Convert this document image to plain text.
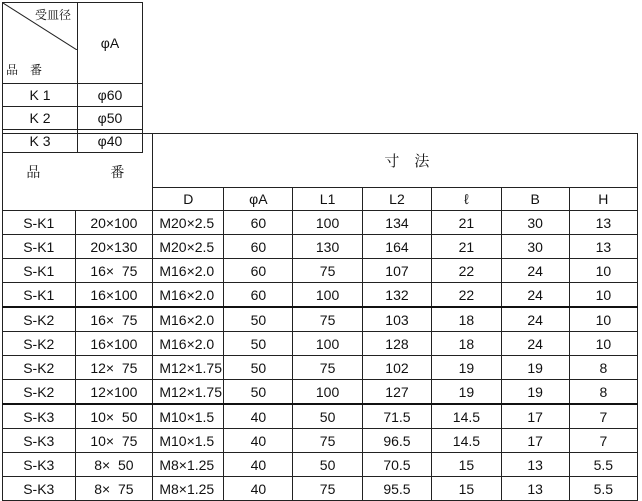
受皿径

品　番	φA
K 1	φ60
K 2	φ50
K 3	φ40

品　番		寸　法						

		D	φA	L1	L2	ℓ	B	H
S-K1	20×100	M20×2.5	60	100	134	21	30	13
S-K1	20×130	M20×2.5	60	130	164	21	30	13
S-K1	16×  75	M16×2.0	60	75	107	22	24	10
S-K1	16×100	M16×2.0	60	100	132	22	24	10
S-K2	16×  75	M16×2.0	50	75	103	18	24	10
S-K2	16×100	M16×2.0	50	100	128	18	24	10
S-K2	12×  75	M12×1.75	50	75	102	19	19	8
S-K2	12×100	M12×1.75	50	100	127	19	19	8
S-K3	10×  50	M10×1.5	40	50	71.5	14.5	17	7
S-K3	10×  75	M10×1.5	40	75	96.5	14.5	17	7
S-K3	8×  50	M8×1.25	40	50	70.5	15	13	5.5
S-K3	8×  75	M8×1.25	40	75	95.5	15	13	5.5
